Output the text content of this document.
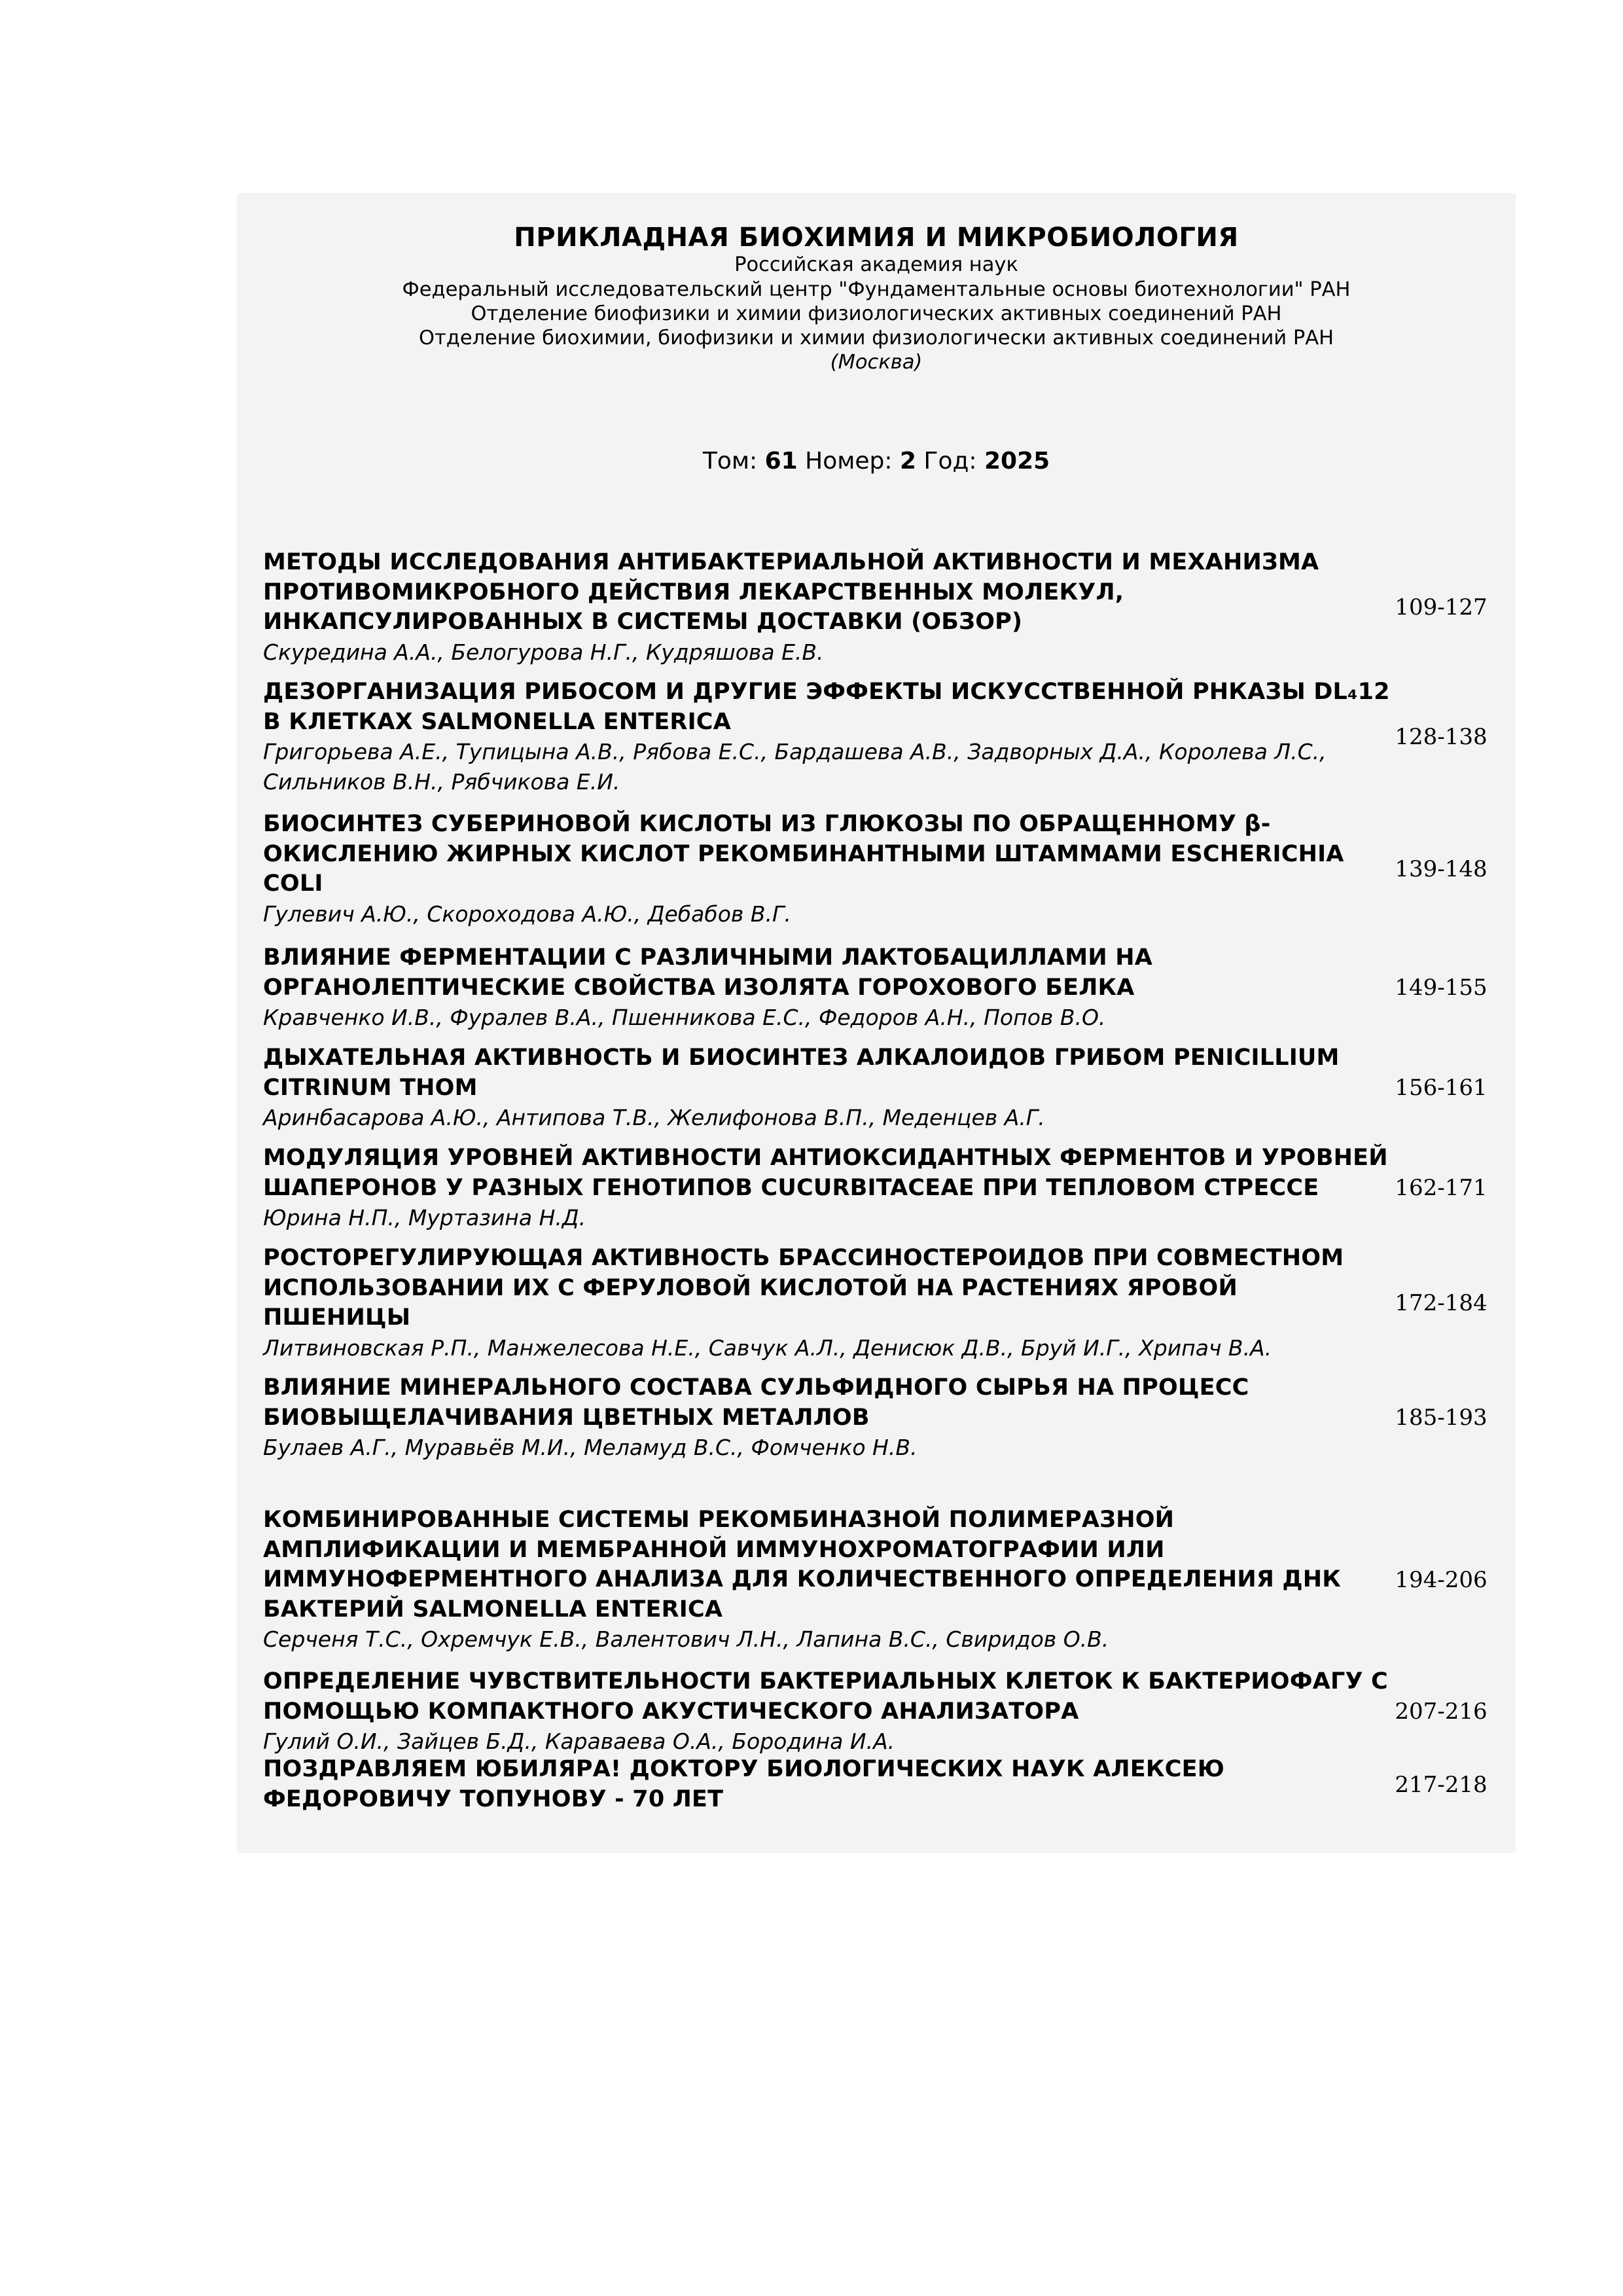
ПРИКЛАДНАЯ БИОХИМИЯ И МИКРОБИОЛОГИЯ
Российская академия наук
Федеральный исследовательский центр "Фундаментальные основы биотехнологии" РАН
Отделение биофизики и химии физиологических активных соединений РАН
Отделение биохимии, биофизики и химии физиологически активных соединений РАН
(Москва)
Том: 61 Номер: 2 Год: 2025
МЕТОДЫ ИССЛЕДОВАНИЯ АНТИБАКТЕРИАЛЬНОЙ АКТИВНОСТИ И МЕХАНИЗМА
ПРОТИВОМИКРОБНОГО ДЕЙСТВИЯ ЛЕКАРСТВЕННЫХ МОЛЕКУЛ,
ИНКАПСУЛИРОВАННЫХ В СИСТЕМЫ ДОСТАВКИ (ОБЗОР)
Скуредина А.А., Белогурова Н.Г., Кудряшова Е.В.
109-127
ДЕЗОРГАНИЗАЦИЯ РИБОСОМ И ДРУГИЕ ЭФФЕКТЫ ИСКУССТВЕННОЙ РНКАЗЫ DL₄12
В КЛЕТКАХ SALMONELLA ENTERICA
Григорьева А.Е., Тупицына А.В., Рябова Е.С., Бардашева А.В., Задворных Д.А., Королева Л.С.,
Сильников В.Н., Рябчикова Е.И.
128-138
БИОСИНТЕЗ СУБЕРИНОВОЙ КИСЛОТЫ ИЗ ГЛЮКОЗЫ ПО ОБРАЩЕННОМУ β-
ОКИСЛЕНИЮ ЖИРНЫХ КИСЛОТ РЕКОМБИНАНТНЫМИ ШТАММАМИ ESCHERICHIA
COLI
Гулевич А.Ю., Скороходова А.Ю., Дебабов В.Г.
139-148
ВЛИЯНИЕ ФЕРМЕНТАЦИИ С РАЗЛИЧНЫМИ ЛАКТОБАЦИЛЛАМИ НА
ОРГАНОЛЕПТИЧЕСКИЕ СВОЙСТВА ИЗОЛЯТА ГОРОХОВОГО БЕЛКА
Кравченко И.В., Фуралев В.А., Пшенникова Е.С., Федоров А.Н., Попов В.О.
149-155
ДЫХАТЕЛЬНАЯ АКТИВНОСТЬ И БИОСИНТЕЗ АЛКАЛОИДОВ ГРИБОМ PENICILLIUM
CITRINUM THOM
Аринбасарова А.Ю., Антипова Т.В., Желифонова В.П., Меденцев А.Г.
156-161
МОДУЛЯЦИЯ УРОВНЕЙ АКТИВНОСТИ АНТИОКСИДАНТНЫХ ФЕРМЕНТОВ И УРОВНЕЙ
ШАПЕРОНОВ У РАЗНЫХ ГЕНОТИПОВ CUCURBITACEAE ПРИ ТЕПЛОВОМ СТРЕССЕ
Юрина Н.П., Муртазина Н.Д.
162-171
РОСТОРЕГУЛИРУЮЩАЯ АКТИВНОСТЬ БРАССИНОСТЕРОИДОВ ПРИ СОВМЕСТНОМ
ИСПОЛЬЗОВАНИИ ИХ С ФЕРУЛОВОЙ КИСЛОТОЙ НА РАСТЕНИЯХ ЯРОВОЙ
ПШЕНИЦЫ
Литвиновская Р.П., Манжелесова Н.Е., Савчук А.Л., Денисюк Д.В., Бруй И.Г., Хрипач В.А.
172-184
ВЛИЯНИЕ МИНЕРАЛЬНОГО СОСТАВА СУЛЬФИДНОГО СЫРЬЯ НА ПРОЦЕСС
БИОВЫЩЕЛАЧИВАНИЯ ЦВЕТНЫХ МЕТАЛЛОВ
Булаев А.Г., Муравьёв М.И., Меламуд В.С., Фомченко Н.В.
185-193
КОМБИНИРОВАННЫЕ СИСТЕМЫ РЕКОМБИНАЗНОЙ ПОЛИМЕРАЗНОЙ
АМПЛИФИКАЦИИ И МЕМБРАННОЙ ИММУНОХРОМАТОГРАФИИ ИЛИ
ИММУНОФЕРМЕНТНОГО АНАЛИЗА ДЛЯ КОЛИЧЕСТВЕННОГО ОПРЕДЕЛЕНИЯ ДНК
БАКТЕРИЙ SALMONELLA ENTERICA
Серченя Т.С., Охремчук Е.В., Валентович Л.Н., Лапина В.С., Свиридов О.В.
194-206
ОПРЕДЕЛЕНИЕ ЧУВСТВИТЕЛЬНОСТИ БАКТЕРИАЛЬНЫХ КЛЕТОК К БАКТЕРИОФАГУ С
ПОМОЩЬЮ КОМПАКТНОГО АКУСТИЧЕСКОГО АНАЛИЗАТОРА
Гулий О.И., Зайцев Б.Д., Караваева О.А., Бородина И.А.
207-216
ПОЗДРАВЛЯЕМ ЮБИЛЯРА! ДОКТОРУ БИОЛОГИЧЕСКИХ НАУК АЛЕКСЕЮ
ФЕДОРОВИЧУ ТОПУНОВУ - 70 ЛЕТ
217-218
